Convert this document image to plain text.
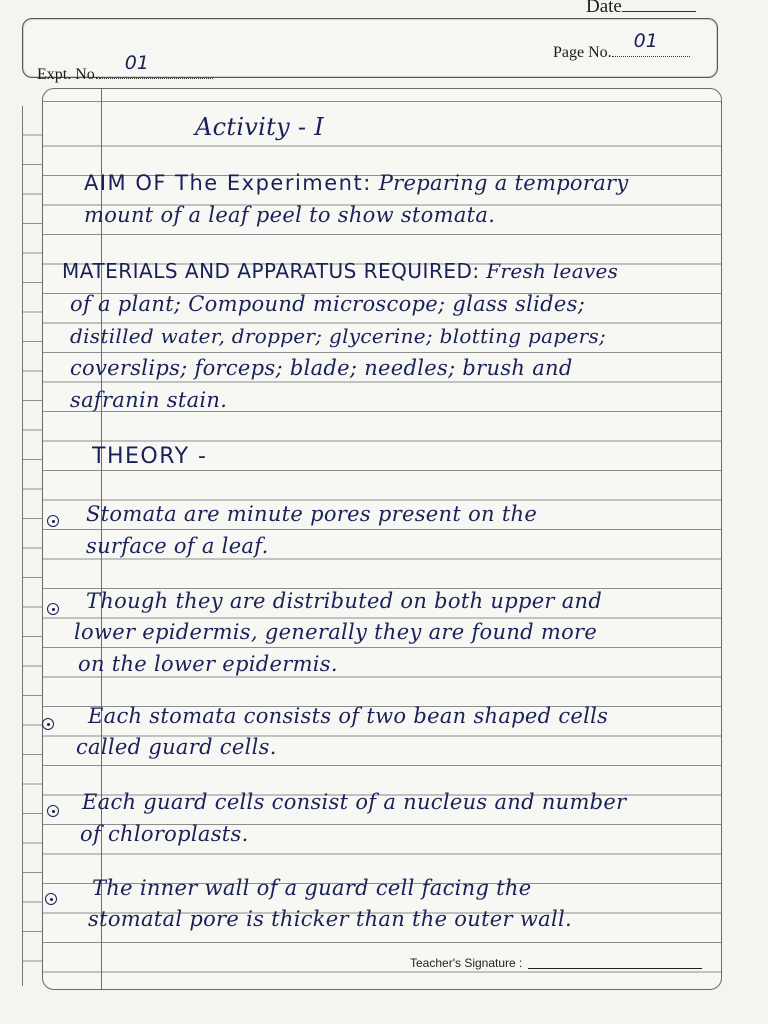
Date
Expt. No.
01	Page No.
01

Activity - I

AIM OF The Experiment: Preparing a temporary

mount of a leaf peel to show stomata.

MATERIALS AND APPARATUS REQUIRED: Fresh leaves

of a plant; Compound microscope; glass slides;

distilled water, dropper; glycerine; blotting papers;

coverslips; forceps; blade; needles; brush and

safranin stain.

THEORY -

Stomata are minute pores present on the

surface of a leaf.

Though they are distributed on both upper and

lower epidermis, generally they are found more

on the lower epidermis.

Each stomata consists of two bean shaped cells

called guard cells.

Each guard cells consist of a nucleus and number

of chloroplasts.

The inner wall of a guard cell facing the

stomatal pore is thicker than the outer wall.

Teacher's Signature :
